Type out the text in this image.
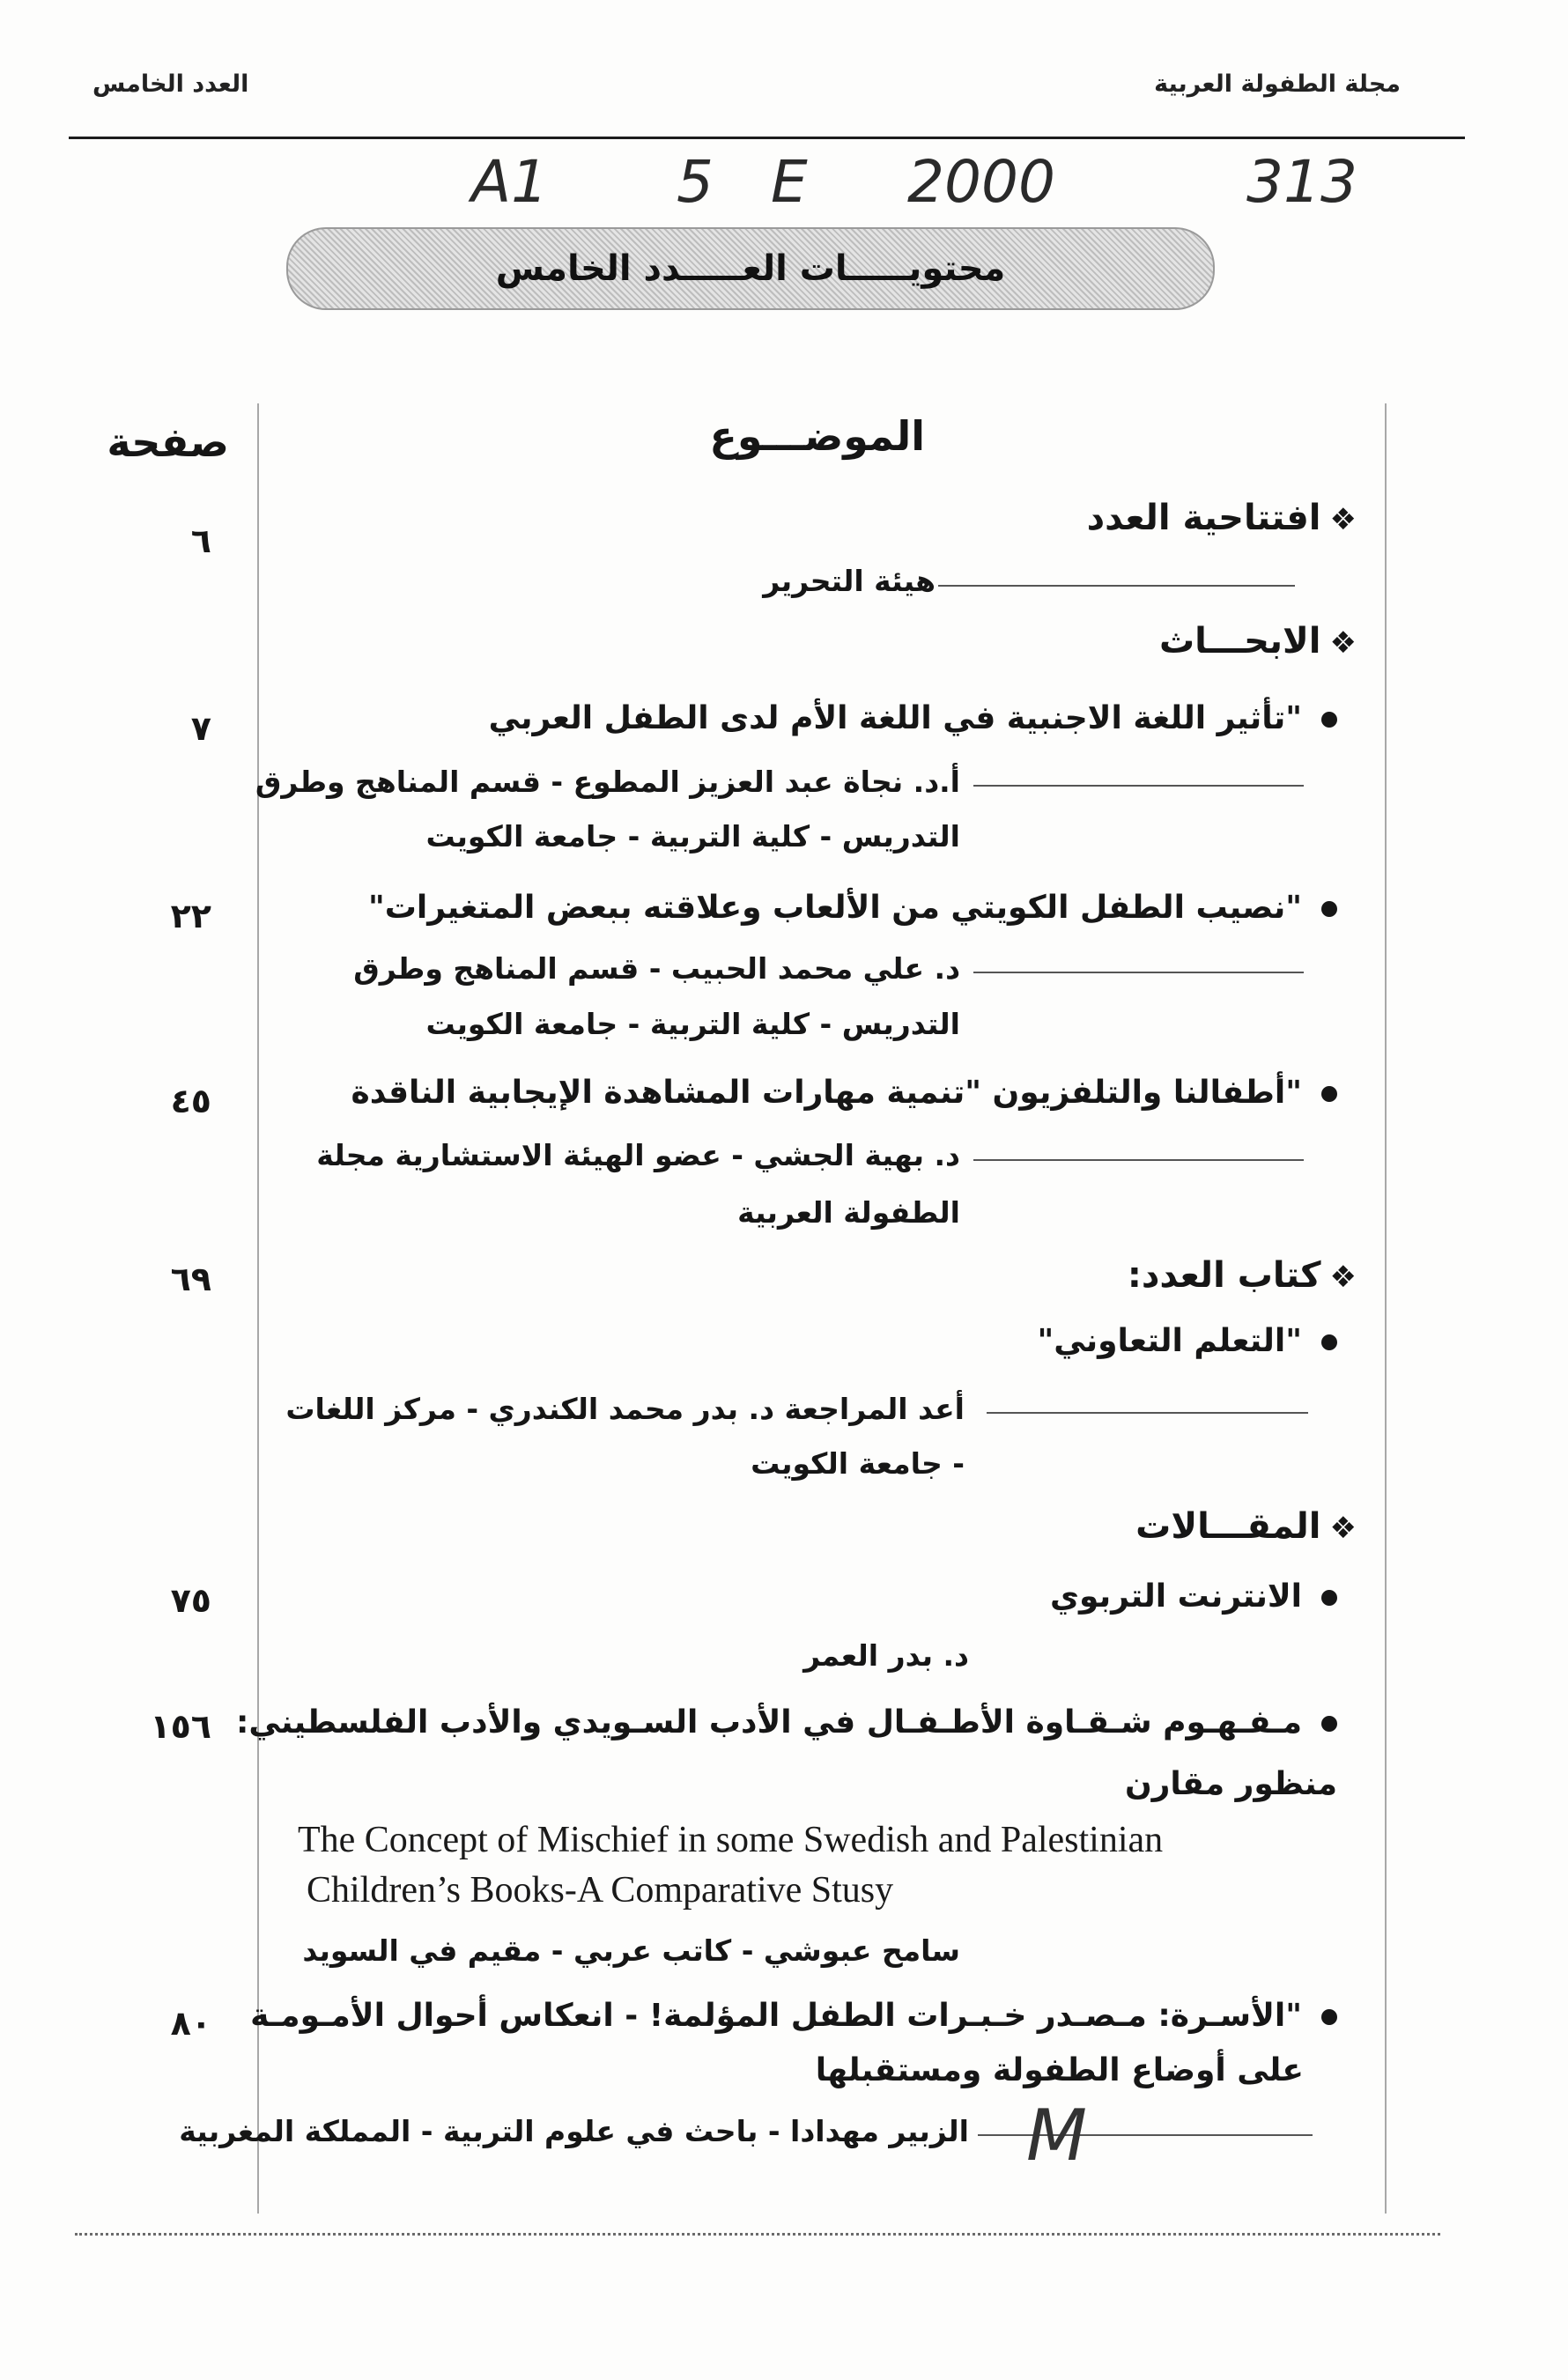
مجلة الطفولة العربية
العدد الخامس
A1 5 E 2000	313
محتويـــــات العـــــدد الخامس
صفحة	الموضـــوع
❖افتتاحية العدد
٦
هيئة التحرير
❖الابحـــاث
"تأثير اللغة الاجنبية في اللغة الأم لدى الطفل العربي
٧
أ.د. نجاة عبد العزيز المطوع - قسم المناهج وطرق
التدريس - كلية التربية - جامعة الكويت
"نصيب الطفل الكويتي من الألعاب وعلاقته ببعض المتغيرات"
٢٢
د. علي محمد الحبيب - قسم المناهج وطرق
التدريس - كلية التربية - جامعة الكويت
"أطفالنا والتلفزيون "تنمية مهارات المشاهدة الإيجابية الناقدة
٤٥
د. بهية الجشي - عضو الهيئة الاستشارية مجلة
الطفولة العربية
❖كتاب العدد:
٦٩
"التعلم التعاوني"
أعد المراجعة د. بدر محمد الكندري - مركز اللغات
- جامعة الكويت
❖المقـــالات
الانترنت التربوي
٧٥
د. بدر العمر
مـفـهـوم شـقـاوة الأطـفـال في الأدب السـويدي والأدب الفلسطيني:
١٥٦
منظور مقارن
The Concept of Mischief in some Swedish and Palestinian
Children’s Books-A Comparative Stusy
سامح عبوشي - كاتب عربي - مقيم في السويد
"الأسـرة: مـصـدر خـبـرات الطفل المؤلمة! - انعكاس أحوال الأمـومـة
٨٠
على أوضاع الطفولة ومستقبلها
الزبير مهدادا - باحث في علوم التربية - المملكة المغربية M
